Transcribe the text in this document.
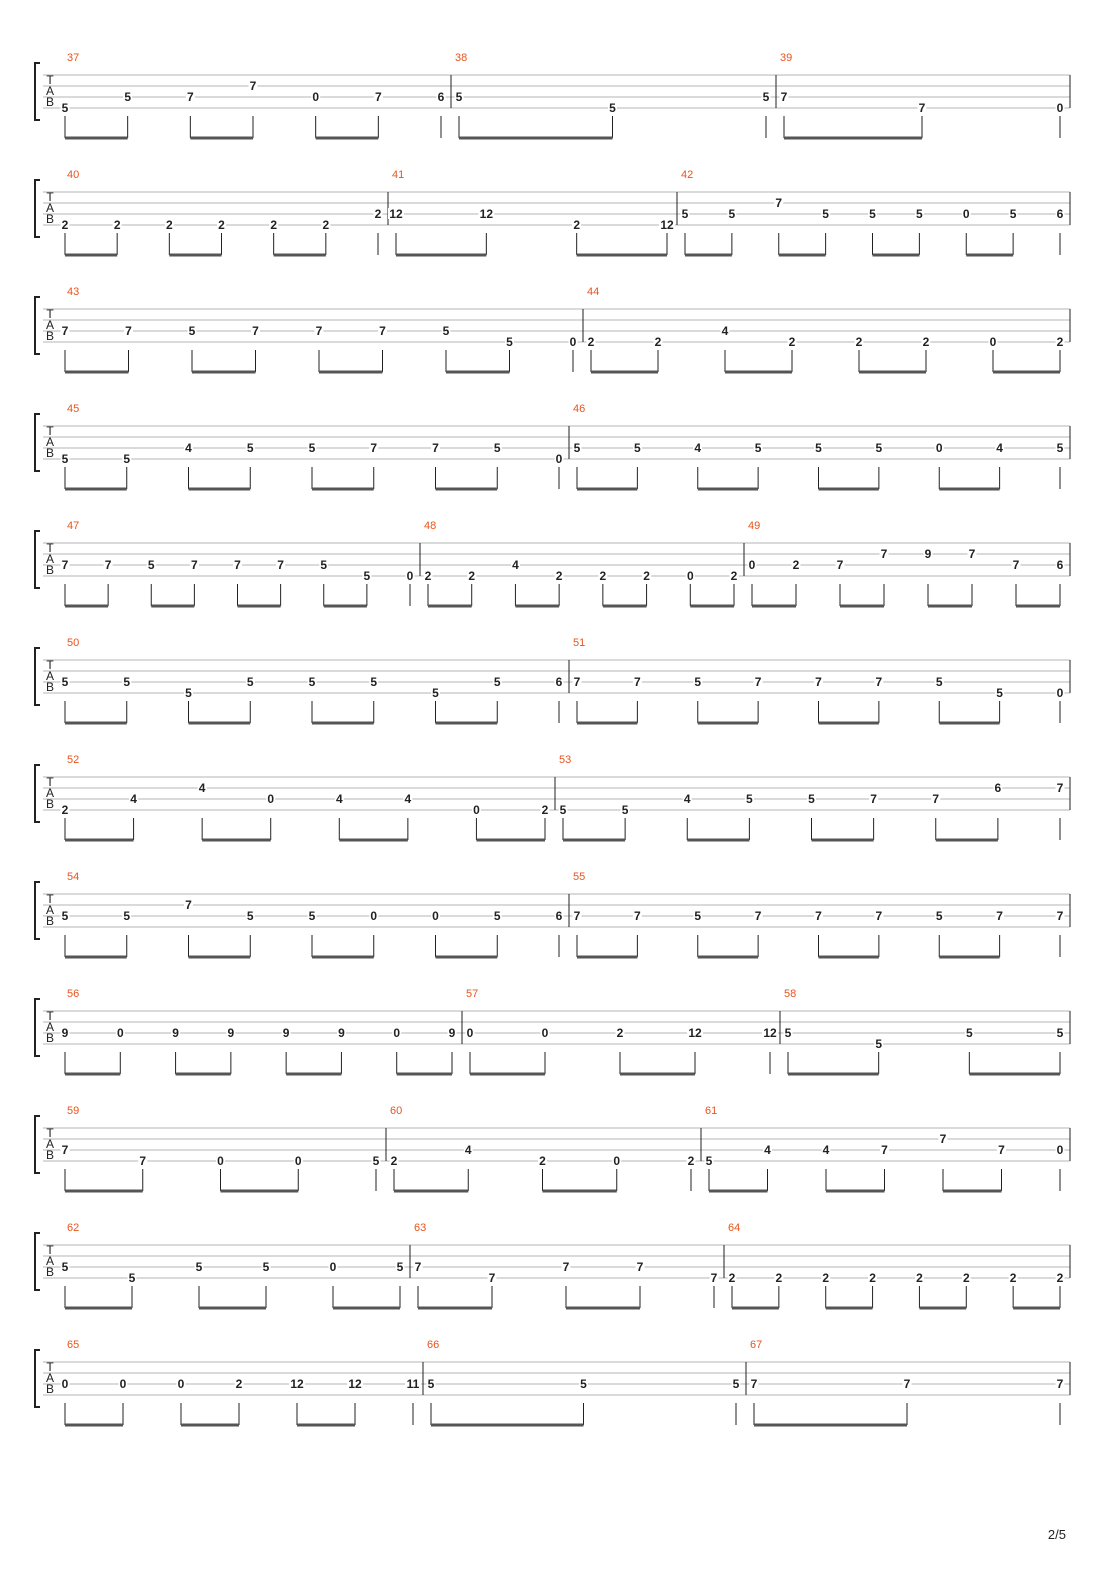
T
A
B
37
5
5	7
7
0	7	6
38
5
5
5
39
7
7	0
T
A
B
40
2	2	2	2	2	2
2
41
12	12
2	12
42
5	5
7
5	5	5	0	5	6
T
A
B
43
7	7	5	7	7	7	5
5	0
44
2	2
4
2	2	2	0	2
T
A
B
45
5	5
4	5	5	7	7	5
0
46
5	5	4	5	5	5	0	4	5
T
A
B
47
7	7	5	7	7	7	5
5	0
48
2	2
4
2	2	2	0	2
49
0	2	7
7	9	7
7	6
T
A
B
50
5	5
5
5	5	5
5
5	6
51
7	7	5	7	7	7	5
5	0
T
A
B
52
2
4
4
0	4	4
0	2
53
5	5
4	5	5	7	7
6	7
T
A
B
54
5	5
7
5	5	0	0	5	6
55
7	7	5	7	7	7	5	7	7
T
A
B
56
9	0	9	9	9	9	0	9
57
0	0	2	12	12
58
5
5
5	5
T
A
B
59
7
7	0	0	5
60
2
4
2	0	2
61
5
4	4	7
7
7	0
T
A
B
62
5
5
5	5	0	5
63
7
7
7	7
7
64
2	2	2	2	2	2	2	2
T
A
B
65
0	0	0	2	12	12	11
66
5	5	5
67
7	7	7
2/5
